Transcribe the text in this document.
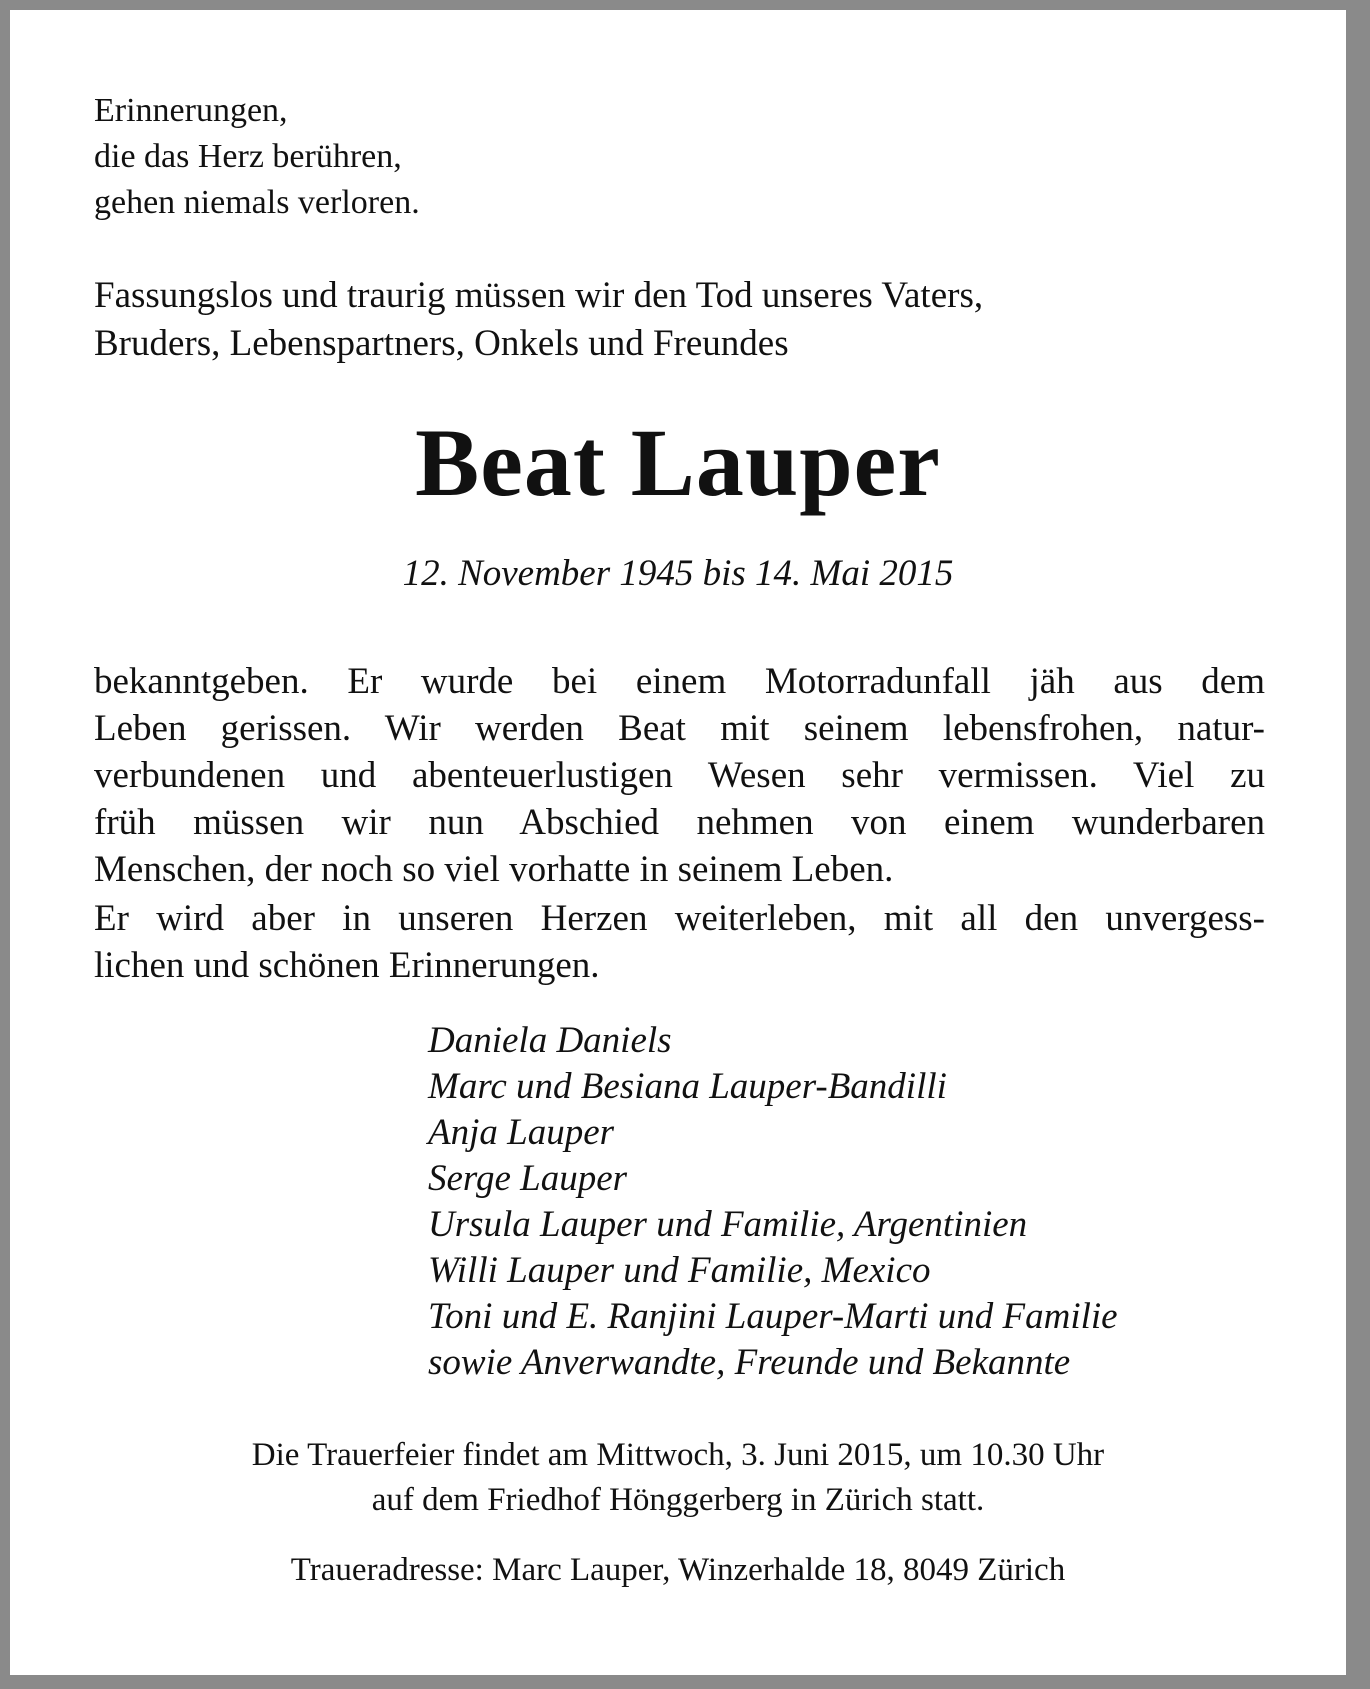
Erinnerungen,
die das Herz berühren,
gehen niemals verloren.
Fassungslos und traurig müssen wir den Tod unseres Vaters,
Bruders, Lebenspartners, Onkels und Freundes
Beat Lauper
12. November 1945 bis 14. Mai 2015
bekanntgeben. Er wurde bei einem Motorradunfall jäh aus dem
Leben gerissen. Wir werden Beat mit seinem lebensfrohen, natur-
verbundenen und abenteuerlustigen Wesen sehr vermissen. Viel zu
früh müssen wir nun Abschied nehmen von einem wunderbaren
Menschen, der noch so viel vorhatte in seinem Leben.
Er wird aber in unseren Herzen weiterleben, mit all den unvergess-
lichen und schönen Erinnerungen.
Daniela Daniels
Marc und Besiana Lauper-Bandilli
Anja Lauper
Serge Lauper
Ursula Lauper und Familie, Argentinien
Willi Lauper und Familie, Mexico
Toni und E. Ranjini Lauper-Marti und Familie
sowie Anverwandte, Freunde und Bekannte
Die Trauerfeier findet am Mittwoch, 3. Juni 2015, um 10.30 Uhr
auf dem Friedhof Hönggerberg in Zürich statt.
Traueradresse: Marc Lauper, Winzerhalde 18, 8049 Zürich
